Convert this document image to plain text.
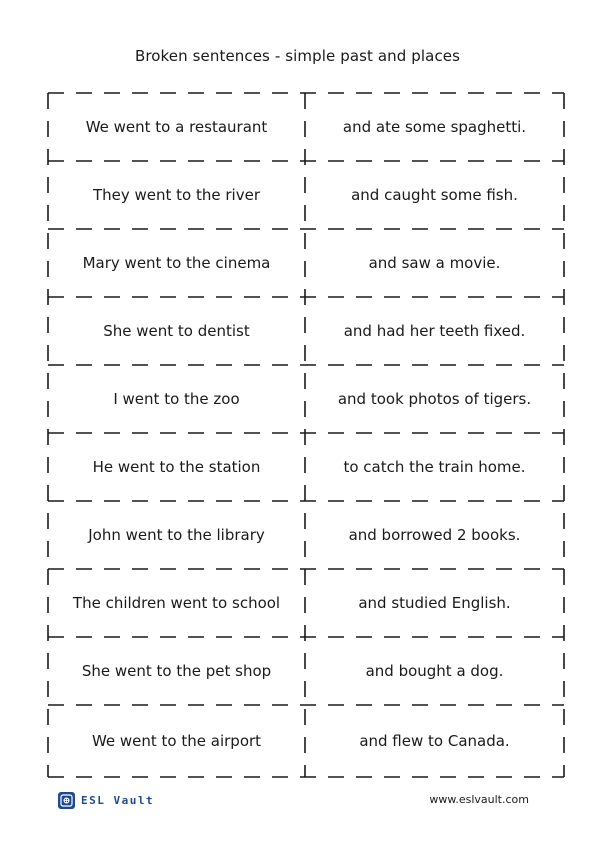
Broken sentences - simple past and places
We went to a restaurant	and ate some spaghetti.
They went to the river	and caught some fish.
Mary went to the cinema	and saw a movie.
She went to dentist	and had her teeth fixed.
I went to the zoo	and took photos of tigers.
He went to the station	to catch the train home.
John went to the library	and borrowed 2 books.
The children went to school	and studied English.
She went to the pet shop	and bought a dog.
We went to the airport	and flew to Canada.
ESL Vault	www.eslvault.com
